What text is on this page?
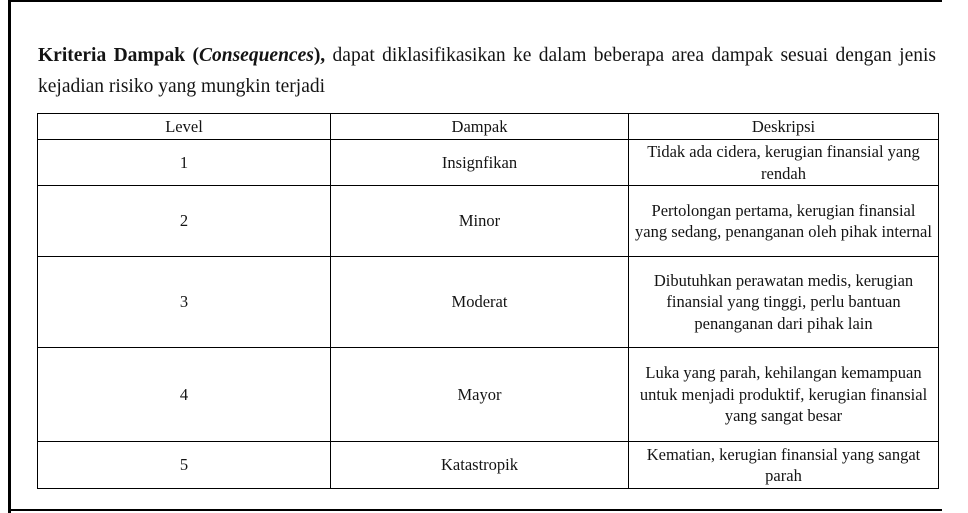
Kriteria Dampak (Consequences), dapat diklasifikasikan ke dalam beberapa area dampak sesuai dengan jenis kejadian risiko yang mungkin terjadi

Level	Dampak	Deskripsi
1	Insignfikan	Tidak ada cidera, kerugian finansial yang rendah
2	Minor	Pertolongan pertama, kerugian finansial yang sedang, penanganan oleh pihak internal
3	Moderat	Dibutuhkan perawatan medis, kerugian finansial yang tinggi, perlu bantuan penanganan dari pihak lain
4	Mayor	Luka yang parah, kehilangan kemampuan untuk menjadi produktif, kerugian finansial yang sangat besar
5	Katastropik	Kematian, kerugian finansial yang sangat parah
